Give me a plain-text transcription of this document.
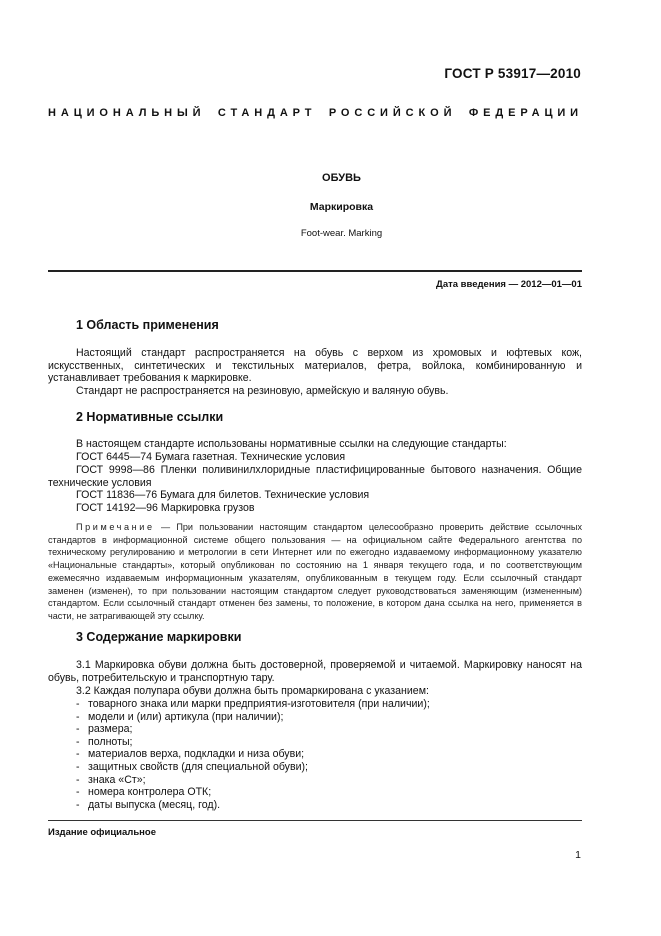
ГОСТ Р 53917—2010
НАЦИОНАЛЬНЫЙ СТАНДАРТ РОССИЙСКОЙ ФЕДЕРАЦИИ
ОБУВЬ
Маркировка
Foot-wear. Marking
Дата введения — 2012—01—01
1 Область применения
Настоящий стандарт распространяется на обувь с верхом из хромовых и юфтевых кож, искусственных, синтетических и текстильных материалов, фетра, войлока, комбинированную и устанавливает требования к маркировке.
Стандарт не распространяется на резиновую, армейскую и валяную обувь.
2 Нормативные ссылки
В настоящем стандарте использованы нормативные ссылки на следующие стандарты:
ГОСТ 6445—74 Бумага газетная. Технические условия
ГОСТ 9998—86 Пленки поливинилхлоридные пластифицированные бытового назначения. Общие технические условия
ГОСТ 11836—76 Бумага для билетов. Технические условия
ГОСТ 14192—96 Маркировка грузов
Примечание — При пользовании настоящим стандартом целесообразно проверить действие ссылочных стандартов в информационной системе общего пользования — на официальном сайте Федерального агентства по техническому регулированию и метрологии в сети Интернет или по ежегодно издаваемому информационному указателю «Национальные стандарты», который опубликован по состоянию на 1 января текущего года, и по соответствующим ежемесячно издаваемым информационным указателям, опубликованным в текущем году. Если ссылочный стандарт заменен (изменен), то при пользовании настоящим стандартом следует руководствоваться заменяющим (измененным) стандартом. Если ссылочный стандарт отменен без замены, то положение, в котором дана ссылка на него, применяется в части, не затрагивающей эту ссылку.
3 Содержание маркировки
3.1 Маркировка обуви должна быть достоверной, проверяемой и читаемой. Маркировку наносят на обувь, потребительскую и транспортную тару.
3.2 Каждая полупара обуви должна быть промаркирована с указанием:
- товарного знака или марки предприятия-изготовителя (при наличии);
- модели и (или) артикула (при наличии);
- размера;
- полноты;
- материалов верха, подкладки и низа обуви;
- защитных свойств (для специальной обуви);
- знака «Ст»;
- номера контролера ОТК;
- даты выпуска (месяц, год).
Издание официальное
1
